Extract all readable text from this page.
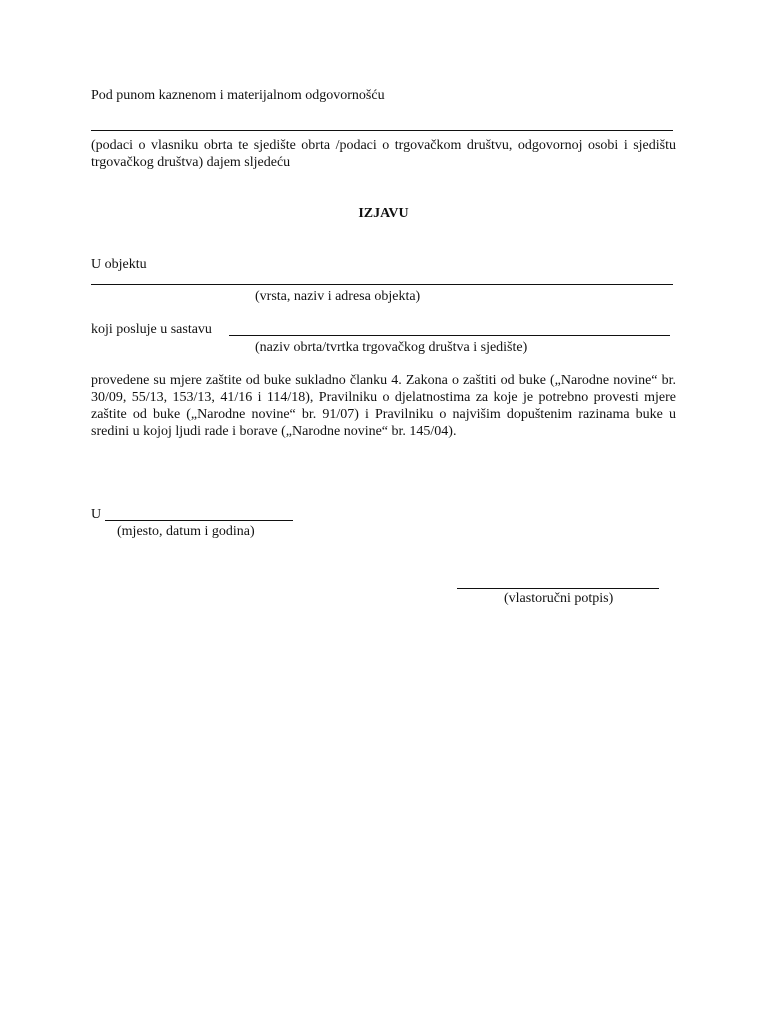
Pod punom kaznenom i materijalnom odgovornošću
(podaci o vlasniku obrta te sjedište obrta /podaci o trgovačkom društvu, odgovornoj osobi i sjedištu trgovačkog društva) dajem sljedeću
IZJAVU
U objektu
(vrsta, naziv i adresa objekta)
koji posluje u sastavu
(naziv obrta/tvrtka trgovačkog društva i sjedište)
provedene su mjere zaštite od buke sukladno članku 4. Zakona o zaštiti od buke („Narodne novine“ br. 30/09, 55/13, 153/13, 41/16 i 114/18), Pravilniku o djelatnostima za koje je potrebno provesti mjere zaštite od buke („Narodne novine“ br. 91/07) i Pravilniku o najvišim dopuštenim razinama buke u sredini u kojoj ljudi rade i borave („Narodne novine“ br. 145/04).
U
(mjesto, datum i godina)
(vlastoručni potpis)
